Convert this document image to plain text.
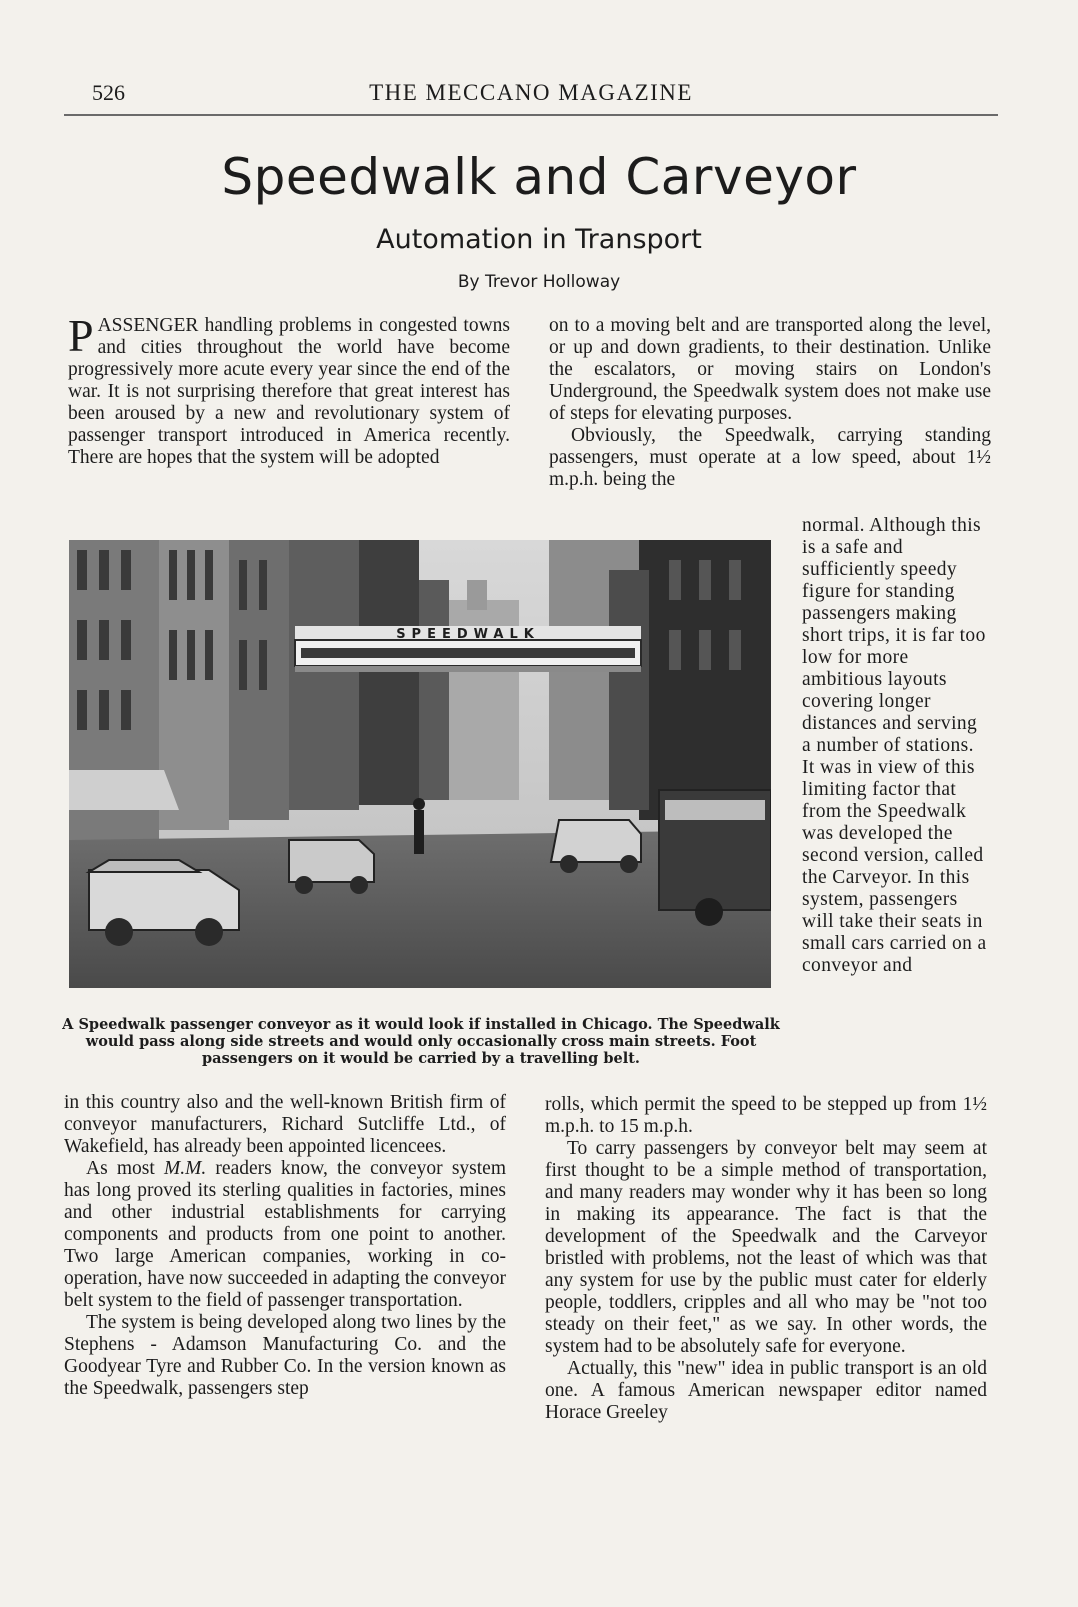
526	THE MECCANO MAGAZINE
Speedwalk and Carveyor
Automation in Transport
By Trevor Holloway

PASSENGER handling problems in congested towns and cities throughout the world have become progressively more acute every year since the end of the war. It is not surprising therefore that great interest has been aroused by a new and revolutionary system of passenger transport introduced in America recently. There are hopes that the system will be adopted

on to a moving belt and are transported along the level, or up and down gradients, to their destination. Unlike the escalators, or moving stairs on London's Underground, the Speedwalk system does not make use of steps for elevating purposes.

Obviously, the Speedwalk, carrying standing passengers, must operate at a low speed, about 1½ m.p.h. being the

normal. Although this is a safe and sufficiently speedy figure for standing passengers making short trips, it is far too low for more ambitious layouts covering longer distances and serving a number of stations. It was in view of this limiting factor that from the Speedwalk was developed the second version, called the Carveyor. In this system, passengers will take their seats in small cars carried on a conveyor and

SPEEDWALK
A Speedwalk passenger conveyor as it would look if installed in Chicago. The Speedwalk would pass along side streets and would only occasionally cross main streets. Foot passengers on it would be carried by a travelling belt.

in this country also and the well-known British firm of conveyor manufacturers, Richard Sutcliffe Ltd., of Wakefield, has already been appointed licencees.

As most M.M. readers know, the conveyor system has long proved its sterling qualities in factories, mines and other industrial establishments for carrying components and products from one point to another. Two large American companies, working in co-operation, have now succeeded in adapting the conveyor belt system to the field of passenger transportation.

The system is being developed along two lines by the Stephens - Adamson Manufacturing Co. and the Goodyear Tyre and Rubber Co. In the version known as the Speedwalk, passengers step

rolls, which permit the speed to be stepped up from 1½ m.p.h. to 15 m.p.h.

To carry passengers by conveyor belt may seem at first thought to be a simple method of transportation, and many readers may wonder why it has been so long in making its appearance. The fact is that the development of the Speedwalk and the Carveyor bristled with problems, not the least of which was that any system for use by the public must cater for elderly people, toddlers, cripples and all who may be "not too steady on their feet," as we say. In other words, the system had to be absolutely safe for everyone.

Actually, this "new" idea in public transport is an old one. A famous American newspaper editor named Horace Greeley
